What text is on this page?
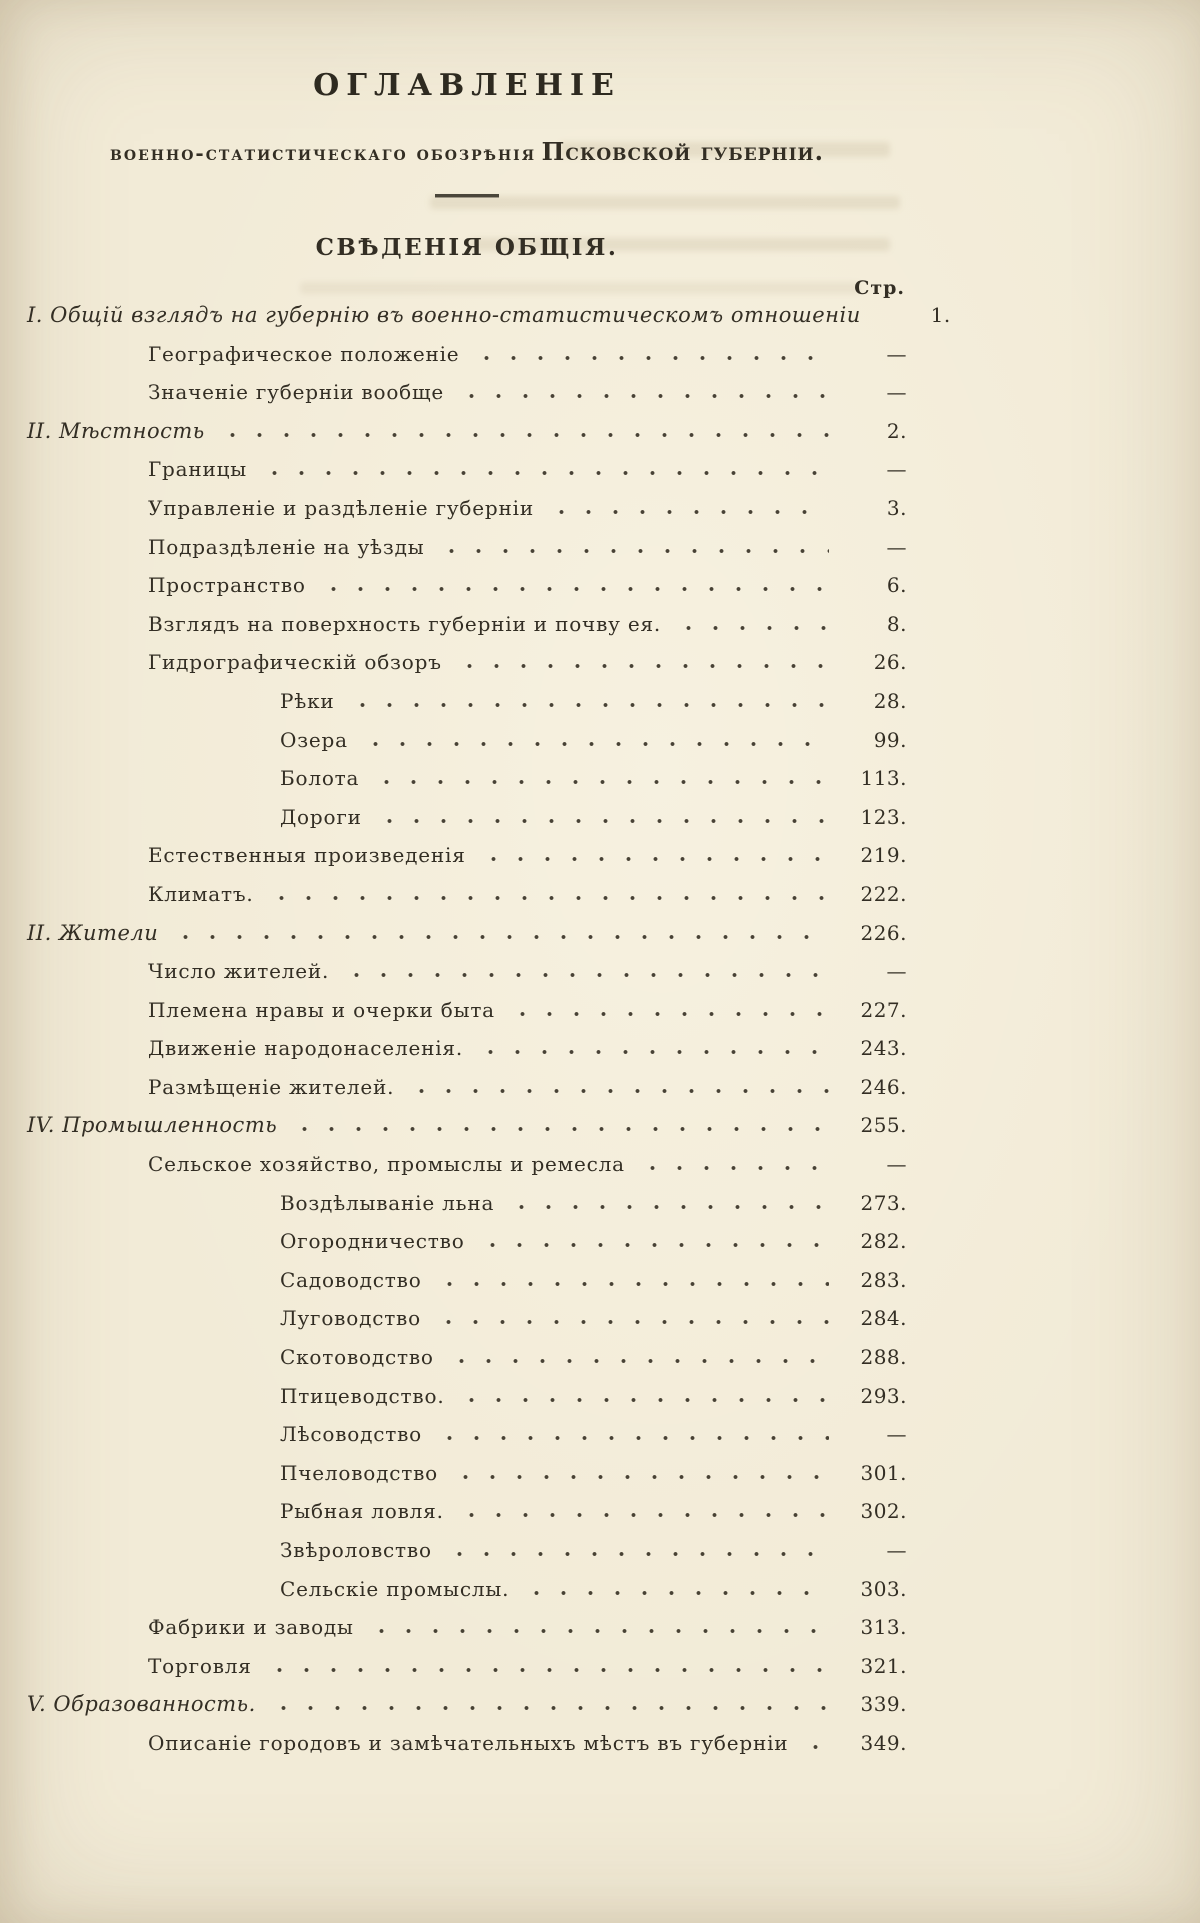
ОГЛАВЛЕНІЕ
военно-статистическаго обозрѣнія Псковской губерніи.
СВѢДЕНІЯ ОБЩІЯ.
Стр.
I. Общій взглядъ на губернію въ военно-статистическомъ отношеніи	1.
Географическое положеніе	—
Значеніе губерніи вообще	—
II. Мѣстность	2.
Границы	—
Управленіе и раздѣленіе губерніи	3.
Подраздѣленіе на уѣзды	—
Пространство	6.
Взглядъ на поверхность губерніи и почву ея.	8.
Гидрографическій обзоръ	26.
Рѣки	28.
Озера	99.
Болота	113.
Дороги	123.
Естественныя произведенія	219.
Климатъ.	222.
II. Жители	226.
Число жителей.	—
Племена нравы и очерки быта	227.
Движеніе народонаселенія.	243.
Размѣщеніе жителей.	246.
IV. Промышленность	255.
Сельское хозяйство, промыслы и ремесла	—
Воздѣлываніе льна	273.
Огородничество	282.
Садоводство	283.
Луговодство	284.
Скотоводство	288.
Птицеводство.	293.
Лѣсоводство	—
Пчеловодство	301.
Рыбная ловля.	302.
Звѣроловство	—
Сельскіе промыслы.	303.
Фабрики и заводы	313.
Торговля	321.
V. Образованность.	339.
Описаніе городовъ и замѣчательныхъ мѣстъ въ губерніи	349.
